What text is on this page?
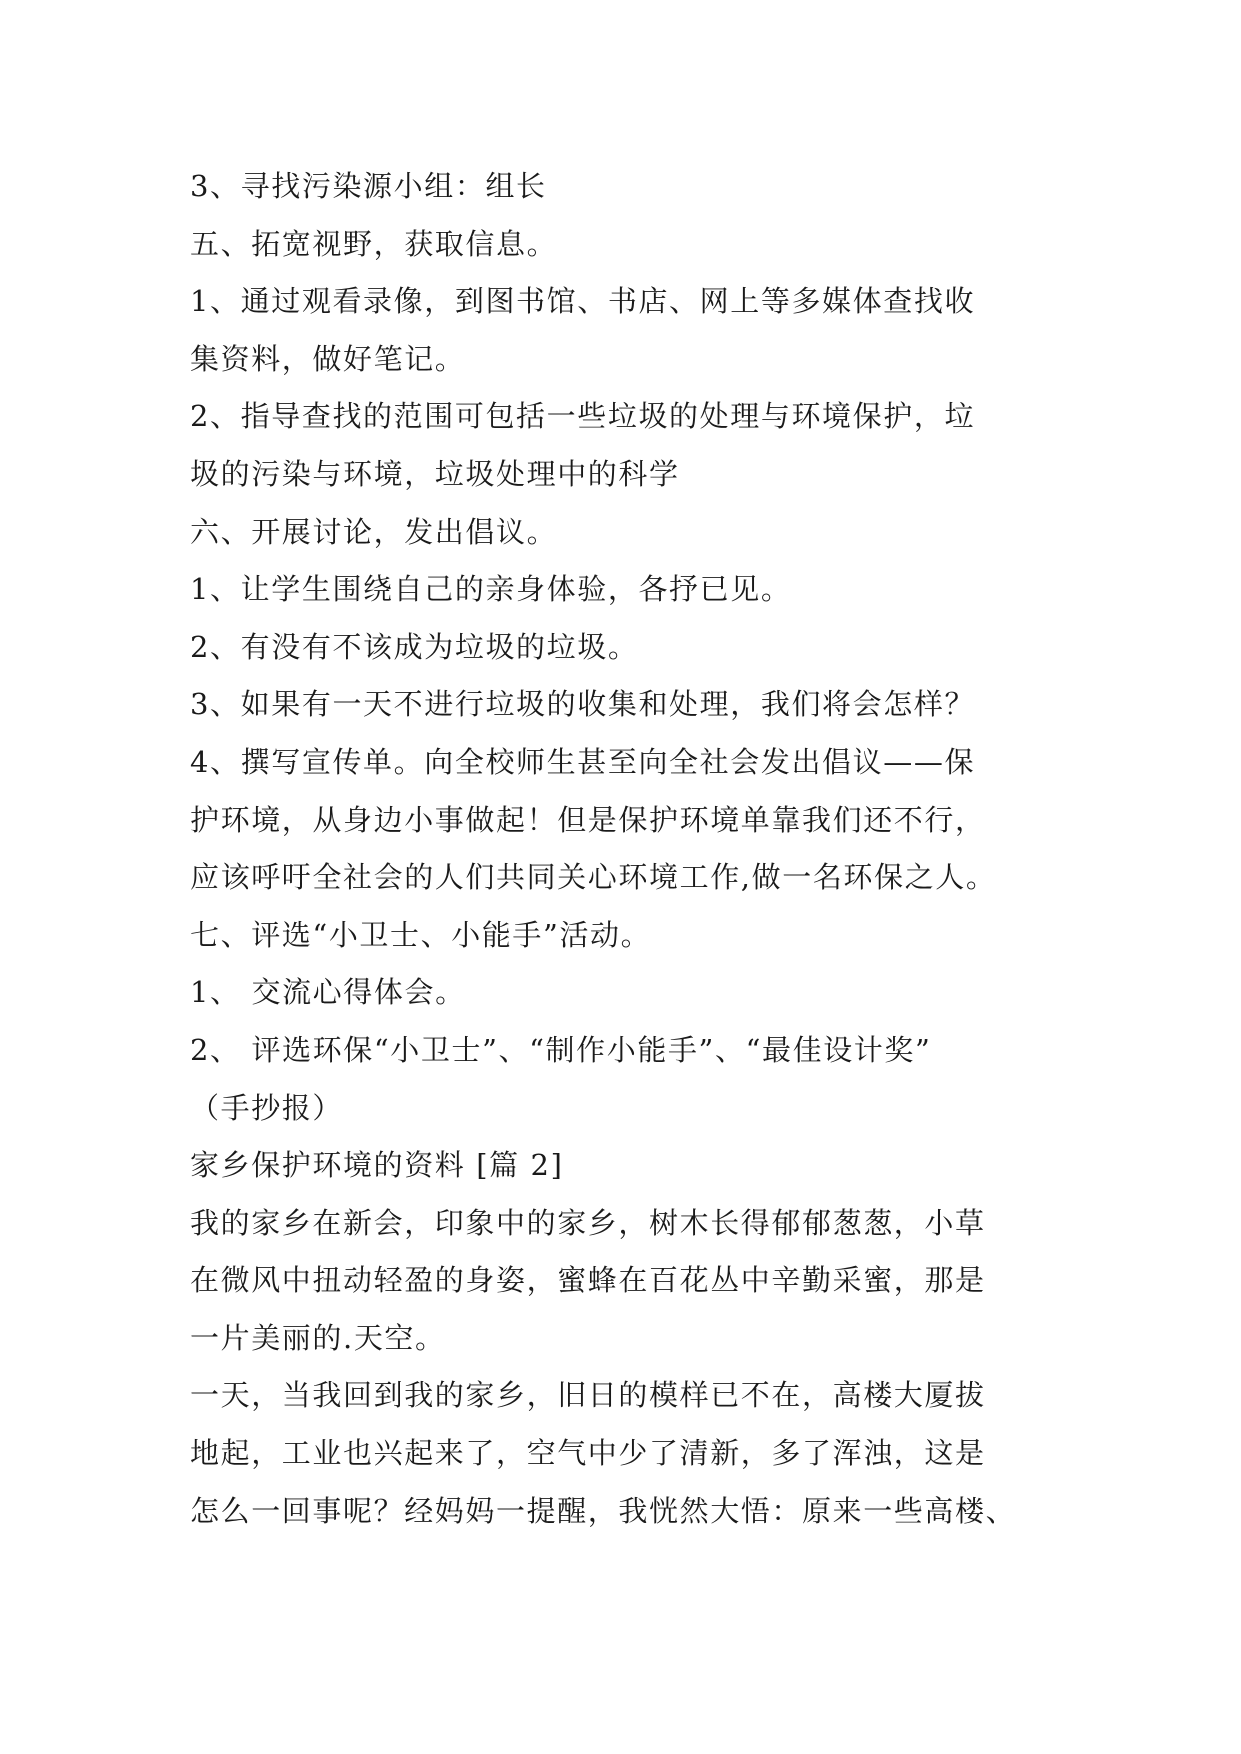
3、寻找污染源小组：组长
五、拓宽视野，获取信息。
1、通过观看录像，到图书馆、书店、网上等多媒体查找收
集资料，做好笔记。
2、指导查找的范围可包括一些垃圾的处理与环境保护，垃
圾的污染与环境，垃圾处理中的科学
六、开展讨论，发出倡议。
1、让学生围绕自己的亲身体验，各抒已见。
2、有没有不该成为垃圾的垃圾。
3、如果有一天不进行垃圾的收集和处理，我们将会怎样？
4、撰写宣传单。向全校师生甚至向全社会发出倡议——保
护环境，从身边小事做起！但是保护环境单靠我们还不行，
应该呼吁全社会的人们共同关心环境工作,做一名环保之人。
七、评选“小卫士、小能手”活动。
1、 交流心得体会。
2、 评选环保“小卫士”、“制作小能手”、“最佳设计奖”
（手抄报）
家乡保护环境的资料 [篇 2]
我的家乡在新会，印象中的家乡，树木长得郁郁葱葱，小草
在微风中扭动轻盈的身姿，蜜蜂在百花丛中辛勤采蜜，那是
一片美丽的.天空。
一天，当我回到我的家乡，旧日的模样已不在，高楼大厦拔
地起，工业也兴起来了，空气中少了清新，多了浑浊，这是
怎么一回事呢？经妈妈一提醒，我恍然大悟：原来一些高楼、
